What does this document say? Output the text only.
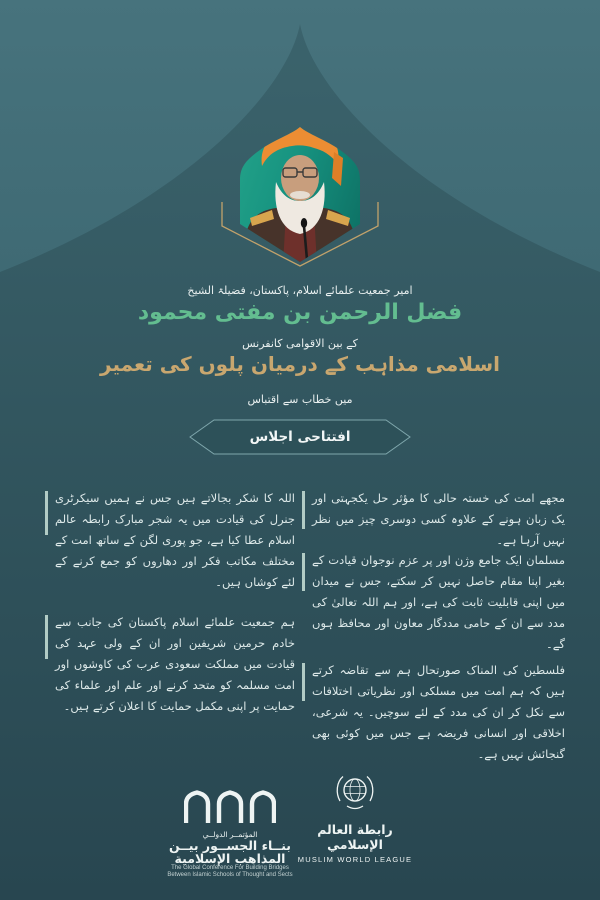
امیر جمعیت علمائے اسلام، پاکستان، فضیلۃ الشیخ
فضل الرحمن بن مفتی محمود
کے بین الاقوامی کانفرنس
اسلامی مذاہب کے درمیان پلوں کی تعمیر
میں خطاب سے اقتباس
افتتاحی اجلاس

مجھے امت کی خستہ حالی کا مؤثر حل یکجہتی اور یک زبان ہونے کے علاوہ کسی دوسری چیز میں نظر نہیں آرہا ہے۔

مسلمان ایک جامع وژن اور پر عزم نوجوان قیادت کے بغیر اپنا مقام حاصل نہیں کر سکتے، جس نے میدان میں اپنی قابلیت ثابت کی ہے، اور ہم اللہ تعالیٰ کی مدد سے ان کے حامی مددگار معاون اور محافظ ہوں گے۔

فلسطین کی المناک صورتحال ہم سے تقاضہ کرتے ہیں کہ ہم امت میں مسلکی اور نظریاتی اختلافات سے نکل کر ان کی مدد کے لئے سوچیں۔ یہ شرعی، اخلاقی اور انسانی فریضہ ہے جس میں کوئی بھی گنجائش نہیں ہے۔

اللہ کا شکر بجالاتے ہیں جس نے ہمیں سیکرٹری جنرل کی قیادت میں یہ شجر مبارک رابطہ عالم اسلام عطا کیا ہے، جو پوری لگن کے ساتھ امت کے مختلف مکاتب فکر اور دھاروں کو جمع کرنے کے لئے کوشاں ہیں۔

ہم جمعیت علمائے اسلام پاکستان کی جانب سے خادم حرمین شریفین اور ان کے ولی عہد کی قیادت میں مملکت سعودی عرب کی کاوشوں اور امت مسلمہ کو متحد کرنے اور علم اور علماء کی حمایت پر اپنی مکمل حمایت کا اعلان کرتے ہیں۔

المؤتمــر الدولــي
بنــاء الجســور بيــن
المذاهب الإسلامية
The Global Conference For Building Bridges
Between Islamic Schools of Thought and Sects
رابطة العالم الإسلامي
MUSLIM WORLD LEAGUE
